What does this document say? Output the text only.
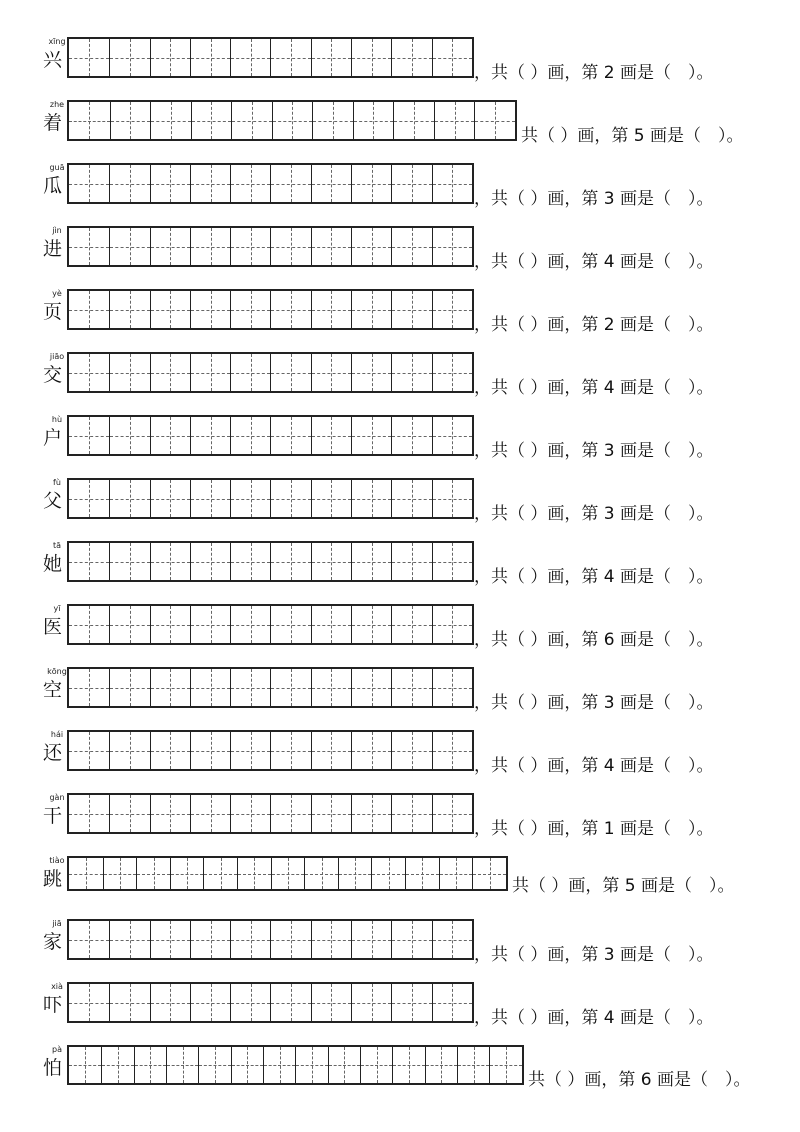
xīng
兴
，共（ ）画，第 2 画是（　）。
zhe
着
共（ ）画，第 5 画是（　）。
guā
瓜
，共（ ）画，第 3 画是（　）。
jìn
进
，共（ ）画，第 4 画是（　）。
yè
页
，共（ ）画，第 2 画是（　）。
jiāo
交
，共（ ）画，第 4 画是（　）。
hù
户
，共（ ）画，第 3 画是（　）。
fù
父
，共（ ）画，第 3 画是（　）。
tā
她
，共（ ）画，第 4 画是（　）。
yī
医
，共（ ）画，第 6 画是（　）。
kōng
空
，共（ ）画，第 3 画是（　）。
hái
还
，共（ ）画，第 4 画是（　）。
gàn
干
，共（ ）画，第 1 画是（　）。
tiào
跳	共（ ）画，第 5 画是（　）。
jiā
家
，共（ ）画，第 3 画是（　）。
xià
吓
，共（ ）画，第 4 画是（　）。
pà
怕
共（ ）画，第 6 画是（　）。
